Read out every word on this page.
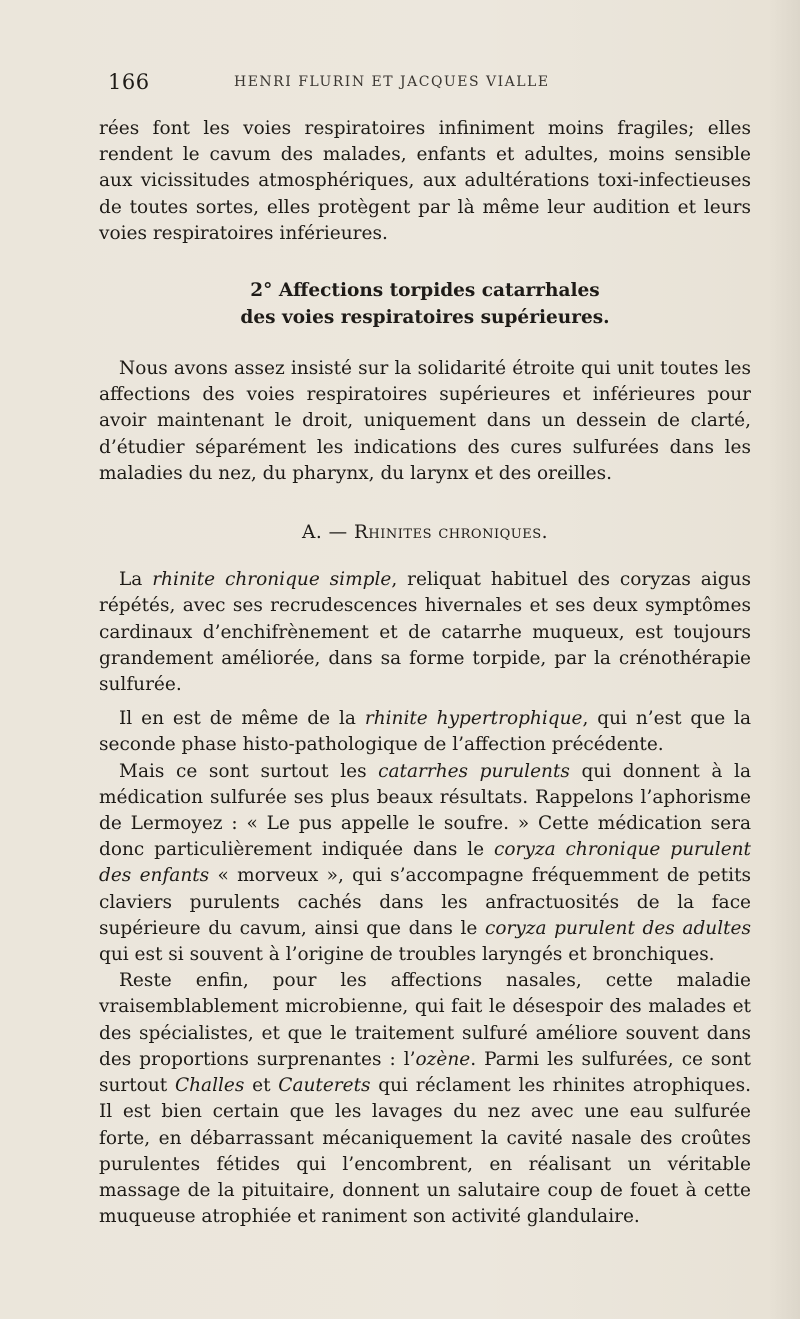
166	HENRI FLURIN ET JACQUES VIALLE

rées font les voies respiratoires infiniment moins fragiles; elles rendent le cavum des malades, enfants et adultes, moins sensible aux vicissitudes atmosphériques, aux adultérations toxi-infectieuses de toutes sortes, elles protègent par là même leur audition et leurs voies respiratoires inférieures.

2° Affections torpides catarrhales
des voies respiratoires supérieures.

Nous avons assez insisté sur la solidarité étroite qui unit toutes les affections des voies respiratoires supérieures et inférieures pour avoir maintenant le droit, uniquement dans un dessein de clarté, d’étudier séparément les indications des cures sulfurées dans les maladies du nez, du pharynx, du larynx et des oreilles.

A. — Rhinites chroniques.

La rhinite chronique simple, reliquat habituel des coryzas aigus répétés, avec ses recrudescences hivernales et ses deux symptômes cardinaux d’enchifrènement et de catarrhe muqueux, est toujours grandement améliorée, dans sa forme torpide, par la crénothérapie sulfurée.

Il en est de même de la rhinite hypertrophique, qui n’est que la seconde phase histo-pathologique de l’affection précédente.

Mais ce sont surtout les catarrhes purulents qui donnent à la médication sulfurée ses plus beaux résultats. Rappelons l’aphorisme de Lermoyez : « Le pus appelle le soufre. » Cette médication sera donc particulièrement indiquée dans le coryza chronique purulent des enfants « morveux », qui s’accompagne fréquemment de petits claviers purulents cachés dans les anfractuosités de la face supérieure du cavum, ainsi que dans le coryza purulent des adultes qui est si souvent à l’origine de troubles laryngés et bronchiques.

Reste enfin, pour les affections nasales, cette maladie vraisemblablement microbienne, qui fait le désespoir des malades et des spécialistes, et que le traitement sulfuré améliore souvent dans des proportions surprenantes : l’ozène. Parmi les sulfurées, ce sont surtout Challes et Cauterets qui réclament les rhinites atrophiques. Il est bien certain que les lavages du nez avec une eau sulfurée forte, en débarrassant mécaniquement la cavité nasale des croûtes purulentes fétides qui l’encombrent, en réalisant un véritable massage de la pituitaire, donnent un salutaire coup de fouet à cette muqueuse atrophiée et raniment son activité glandulaire.
